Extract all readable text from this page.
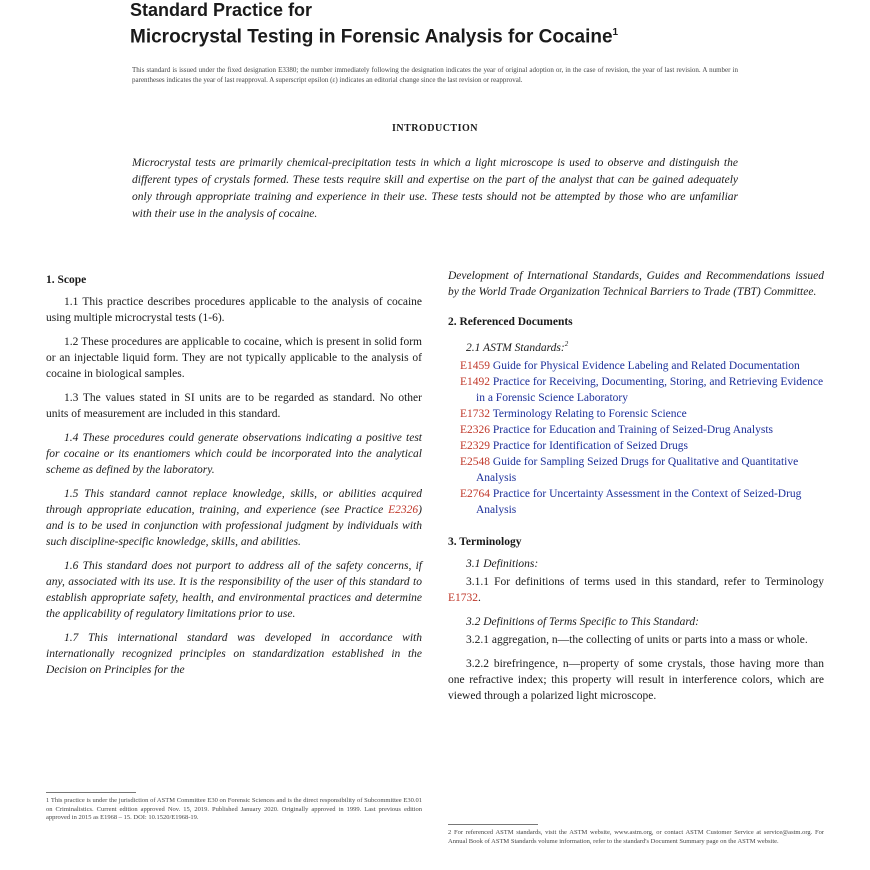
Standard Practice for
Microcrystal Testing in Forensic Analysis for Cocaine$^1$
This standard is issued under the fixed designation E3380; the number immediately following the designation indicates the year of original adoption or, in the case of revision, the year of last revision. A number in parentheses indicates the year of last reapproval. A superscript epsilon (ε) indicates an editorial change since the last revision or reapproval.
INTRODUCTION
Microcrystal tests are primarily chemical-precipitation tests in which a light microscope is used to observe and distinguish the different types of crystals formed. These tests require skill and expertise on the part of the analyst that can be gained adequately only through appropriate training and experience in their use. These tests should not be attempted by those who are unfamiliar with their use in the analysis of cocaine.
1. Scope
1.1 This practice describes procedures applicable to the analysis of cocaine using multiple microcrystal tests (1-6).
1.2 These procedures are applicable to cocaine, which is present in solid form or an injectable liquid form. They are not typically applicable to the analysis of cocaine in biological samples.
1.3 The values stated in SI units are to be regarded as standard. No other units of measurement are included in this standard.
1.4 These procedures could generate observations indicating a positive test for cocaine or its enantiomers which could be incorporated into the analytical scheme as defined by the laboratory.
1.5 This standard cannot replace knowledge, skills, or abilities acquired through appropriate education, training, and experience (see Practice E2326) and is to be used in conjunction with professional judgment by individuals with such discipline-specific knowledge, skills, and abilities.
1.6 This standard does not purport to address all of the safety concerns, if any, associated with its use. It is the responsibility of the user of this standard to establish appropriate safety, health, and environmental practices and determine the applicability of regulatory limitations prior to use.
1.7 This international standard was developed in accordance with internationally recognized principles on standardization established in the Decision on Principles for the
Development of International Standards, Guides and Recommendations issued by the World Trade Organization Technical Barriers to Trade (TBT) Committee.
2. Referenced Documents
2.1 ASTM Standards:$^2$
E1459 Guide for Physical Evidence Labeling and Related Documentation
E1492 Practice for Receiving, Documenting, Storing, and Retrieving Evidence in a Forensic Science Laboratory
E1732 Terminology Relating to Forensic Science
E2326 Practice for Education and Training of Seized-Drug Analysts
E2329 Practice for Identification of Seized Drugs
E2548 Guide for Sampling Seized Drugs for Qualitative and Quantitative Analysis
E2764 Practice for Uncertainty Assessment in the Context of Seized-Drug Analysis
3. Terminology
3.1 Definitions:
3.1.1 For definitions of terms used in this standard, refer to Terminology E1732.
3.2 Definitions of Terms Specific to This Standard:
3.2.1 aggregation, n—the collecting of units or parts into a mass or whole.
3.2.2 birefringence, n—property of some crystals, those having more than one refractive index; this property will result in interference colors, which are viewed through a polarized light microscope.
1 This practice is under the jurisdiction of ASTM Committee E30 on Forensic Sciences and is the direct responsibility of Subcommittee E30.01 on Criminalistics. Current edition approved Nov. 15, 2019. Published January 2020. Originally approved in 1999. Last previous edition approved in 2015 as E1968 – 15. DOI: 10.1520/E1968-19.
2 For referenced ASTM standards, visit the ASTM website, www.astm.org, or contact ASTM Customer Service at service@astm.org. For Annual Book of ASTM Standards volume information, refer to the standard's Document Summary page on the ASTM website.
